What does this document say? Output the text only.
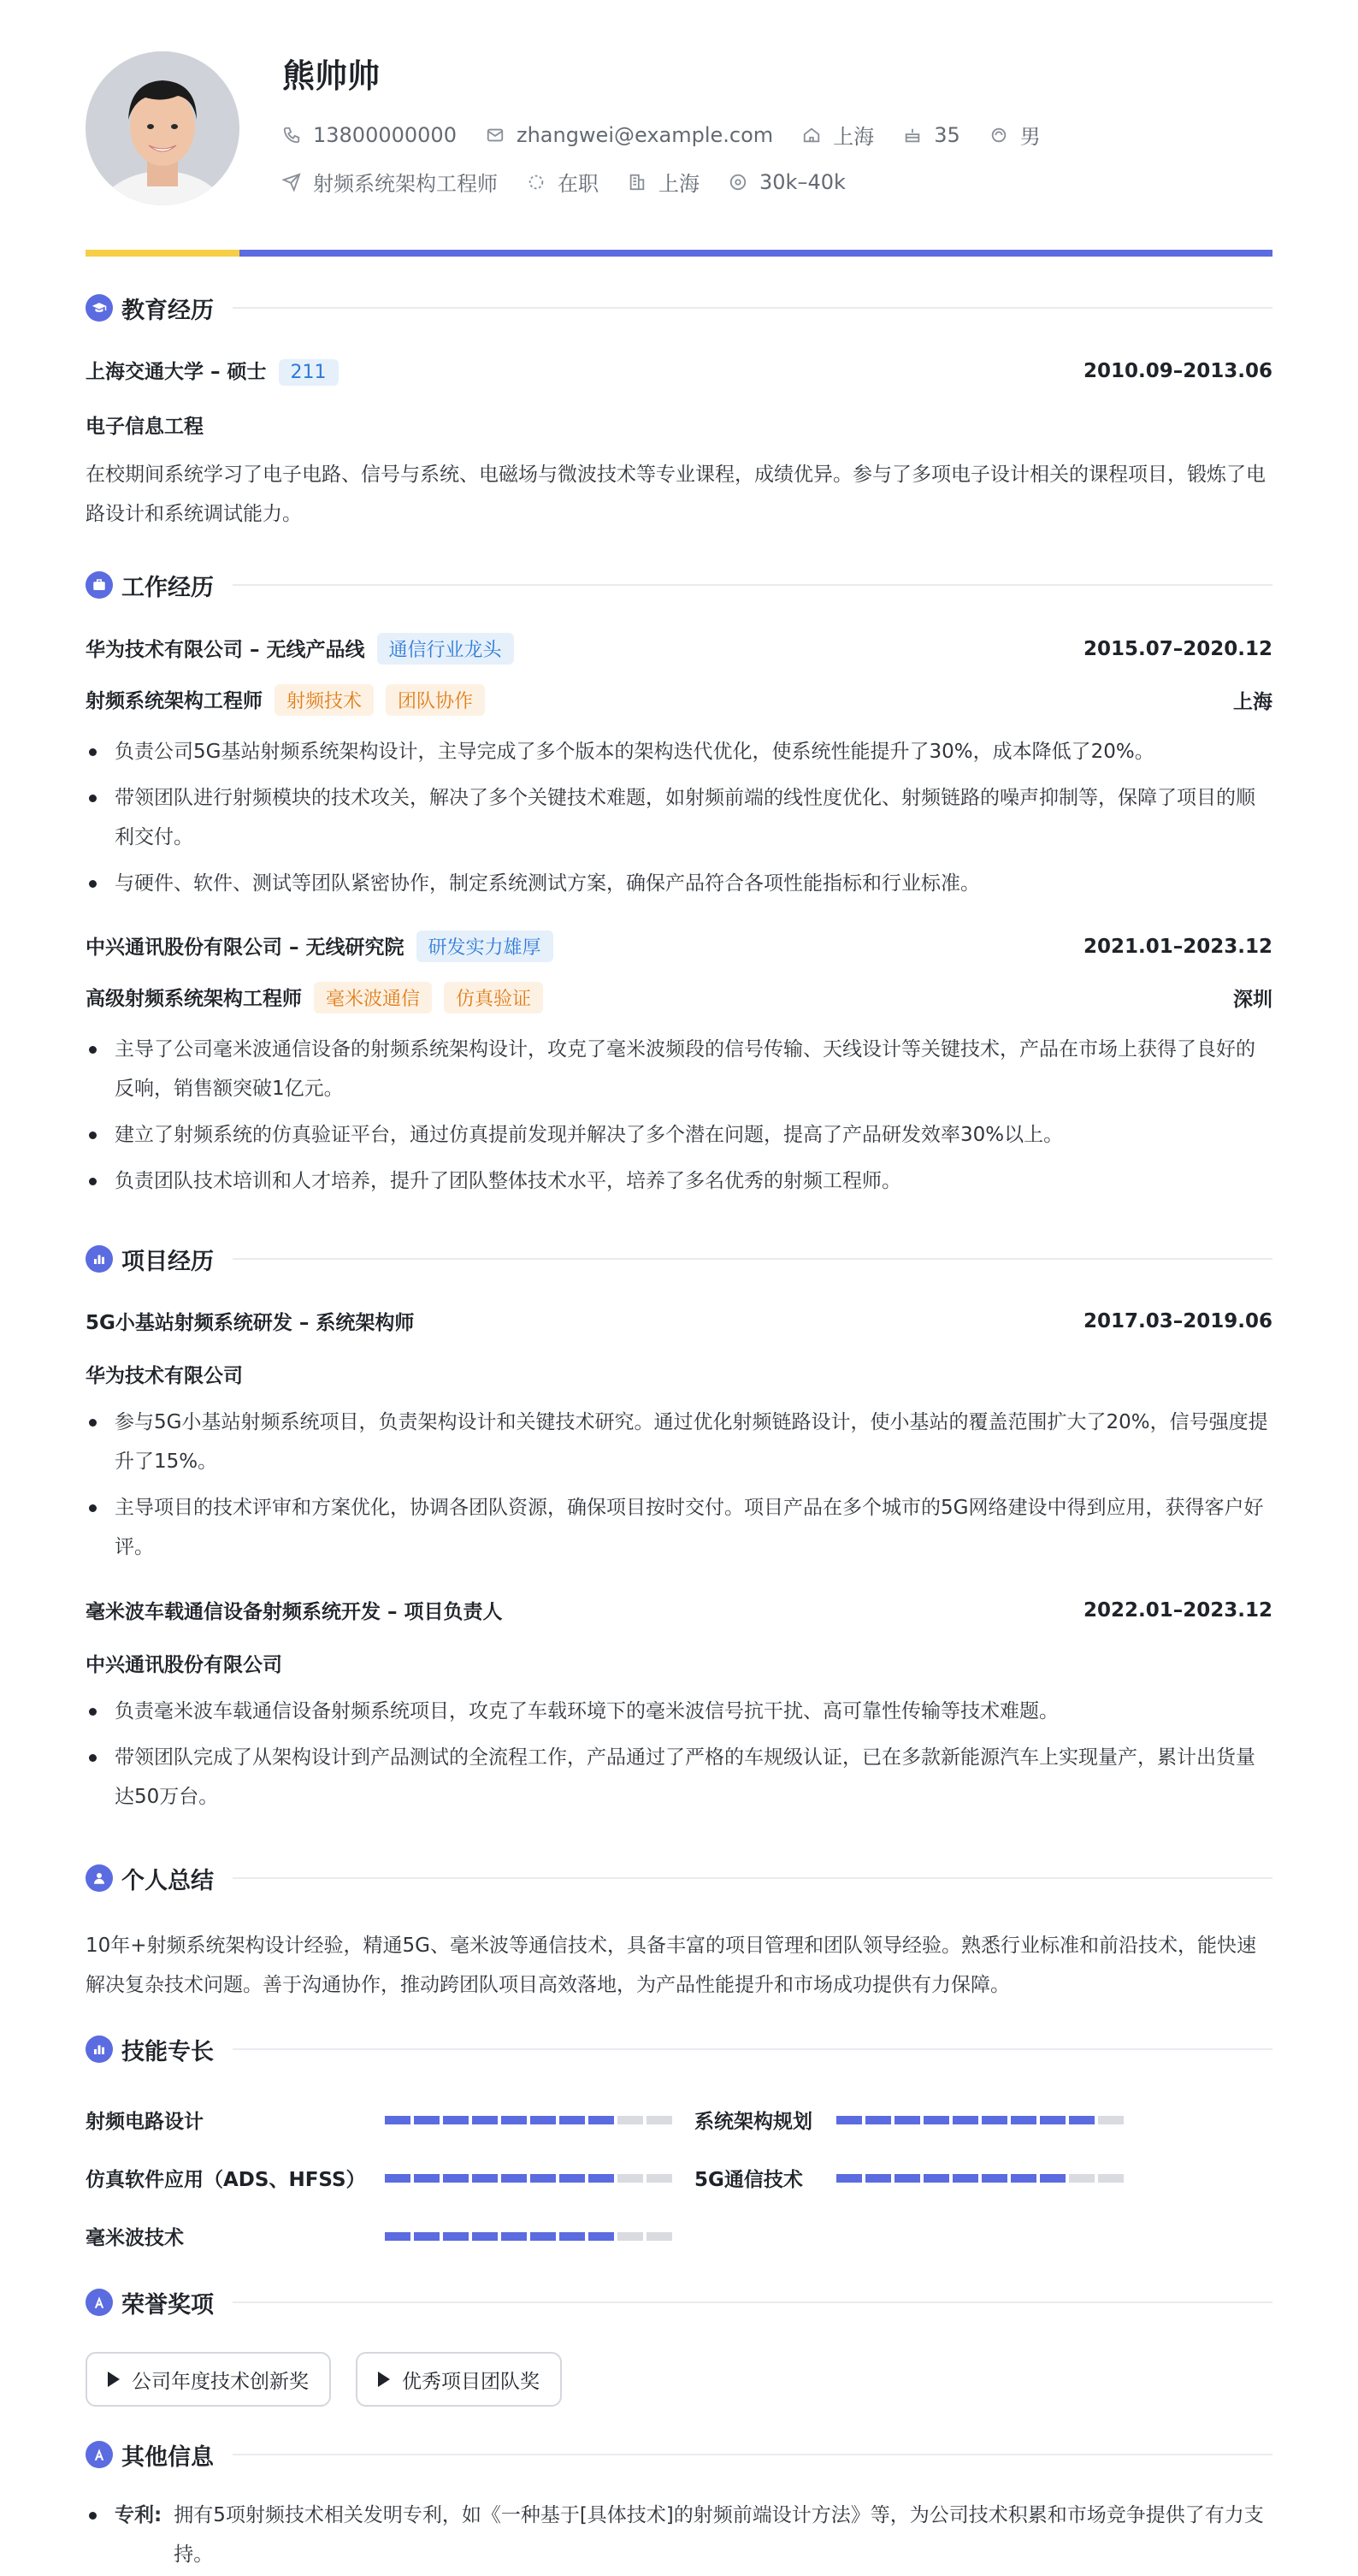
熊帅帅
13800000000	zhangwei@example.com	上海	35	男
射频系统架构工程师	在职	上海	30k–40k
教育经历
上海交通大学 – 硕士 211	2010.09–2013.06
电子信息工程
在校期间系统学习了电子电路、信号与系统、电磁场与微波技术等专业课程，成绩优异。参与了多项电子设计相关的课程项目，锻炼了电路设计和系统调试能力。
工作经历
华为技术有限公司 – 无线产品线 通信行业龙头	2015.07–2020.12
射频系统架构工程师 射频技术 团队协作	上海
负责公司5G基站射频系统架构设计，主导完成了多个版本的架构迭代优化，使系统性能提升了30%，成本降低了20%。
带领团队进行射频模块的技术攻关，解决了多个关键技术难题，如射频前端的线性度优化、射频链路的噪声抑制等，保障了项目的顺利交付。
与硬件、软件、测试等团队紧密协作，制定系统测试方案，确保产品符合各项性能指标和行业标准。
中兴通讯股份有限公司 – 无线研究院 研发实力雄厚	2021.01–2023.12
高级射频系统架构工程师 毫米波通信 仿真验证	深圳
主导了公司毫米波通信设备的射频系统架构设计，攻克了毫米波频段的信号传输、天线设计等关键技术，产品在市场上获得了良好的反响，销售额突破1亿元。
建立了射频系统的仿真验证平台，通过仿真提前发现并解决了多个潜在问题，提高了产品研发效率30%以上。
负责团队技术培训和人才培养，提升了团队整体技术水平，培养了多名优秀的射频工程师。
项目经历
5G小基站射频系统研发 – 系统架构师	2017.03–2019.06
华为技术有限公司
参与5G小基站射频系统项目，负责架构设计和关键技术研究。通过优化射频链路设计，使小基站的覆盖范围扩大了20%，信号强度提升了15%。
主导项目的技术评审和方案优化，协调各团队资源，确保项目按时交付。项目产品在多个城市的5G网络建设中得到应用，获得客户好评。
毫米波车载通信设备射频系统开发 – 项目负责人	2022.01–2023.12
中兴通讯股份有限公司
负责毫米波车载通信设备射频系统项目，攻克了车载环境下的毫米波信号抗干扰、高可靠性传输等技术难题。
带领团队完成了从架构设计到产品测试的全流程工作，产品通过了严格的车规级认证，已在多款新能源汽车上实现量产，累计出货量达50万台。
个人总结
10年+射频系统架构设计经验，精通5G、毫米波等通信技术，具备丰富的项目管理和团队领导经验。熟悉行业标准和前沿技术，能快速解决复杂技术问题。善于沟通协作，推动跨团队项目高效落地，为产品性能提升和市场成功提供有力保障。
技能专长
射频电路设计	系统架构规划
仿真软件应用（ADS、HFSS）	5G通信技术
毫米波技术
荣誉奖项
公司年度技术创新奖	优秀项目团队奖
其他信息
专利: 拥有5项射频技术相关发明专利，如《一种基于[具体技术]的射频前端设计方法》等，为公司技术积累和市场竞争提供了有力支持。
